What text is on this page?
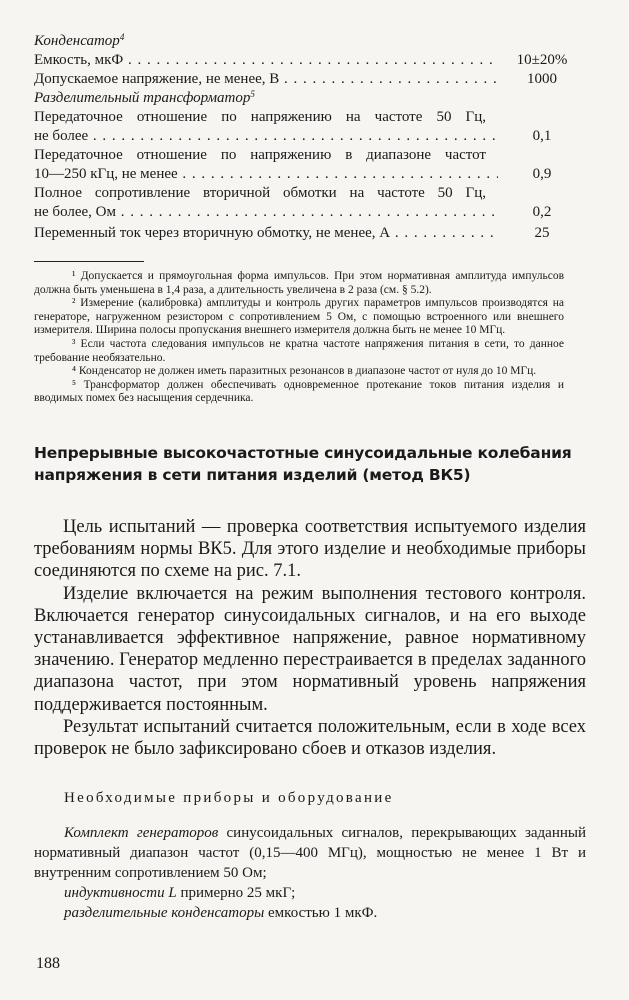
Конденсатор$^4$
Емкость, мкФ . . .	10±20%
Допускаемое напряжение, не менее, В . . .	1000
Разделительный трансформатор$^5$
Передаточное отношение по напряжению на частоте 50 Гц,
не более . . .	0,1
Передаточное отношение по напряжению в диапазоне частот
10—250 кГц, не менее . . .	0,9
Полное сопротивление вторичной обмотки на частоте 50 Гц,
не более, Ом . . .	0,2
Переменный ток через вторичную обмотку, не менее, А . . .	25

¹ Допускается и прямоугольная форма импульсов. При этом нормативная амплитуда импульсов должна быть уменьшена в 1,4 раза, а длительность увеличена в 2 раза (см. § 5.2).

² Измерение (калибровка) амплитуды и контроль других параметров импульсов производятся на генераторе, нагруженном резистором с сопротивлением 5 Ом, с помощью встроенного или внешнего измерителя. Ширина полосы пропускания внешнего измерителя должна быть не менее 10 МГц.

³ Если частота следования импульсов не кратна частоте напряжения питания в сети, то данное требование необязательно.

⁴ Конденсатор не должен иметь паразитных резонансов в диапазоне частот от нуля до 10 МГц.

⁵ Трансформатор должен обеспечивать одновременное протекание токов питания изделия и вводимых помех без насыщения сердечника.

Непрерывные высокочастотные синусоидальные колебания напряжения в сети питания изделий (метод ВК5)

Цель испытаний — проверка соответствия испытуемого изделия требованиям нормы ВК5. Для этого изделие и необходимые приборы соединяются по схеме на рис. 7.1.

Изделие включается на режим выполнения тестового контроля. Включается генератор синусоидальных сигналов, и на его выходе устанавливается эффективное напряжение, равное нормативному значению. Генератор медленно перестраивается в пределах заданного диапазона частот, при этом нормативный уровень напряжения поддерживается постоянным.

Результат испытаний считается положительным, если в ходе всех проверок не было зафиксировано сбоев и отказов изделия.

Необходимые приборы и оборудование

Комплект генераторов синусоидальных сигналов, перекрывающих заданный нормативный диапазон частот (0,15—400 МГц), мощностью не менее 1 Вт и внутренним сопротивлением 50 Ом;

индуктивности L примерно 25 мкГ;

разделительные конденсаторы емкостью 1 мкФ.

188
